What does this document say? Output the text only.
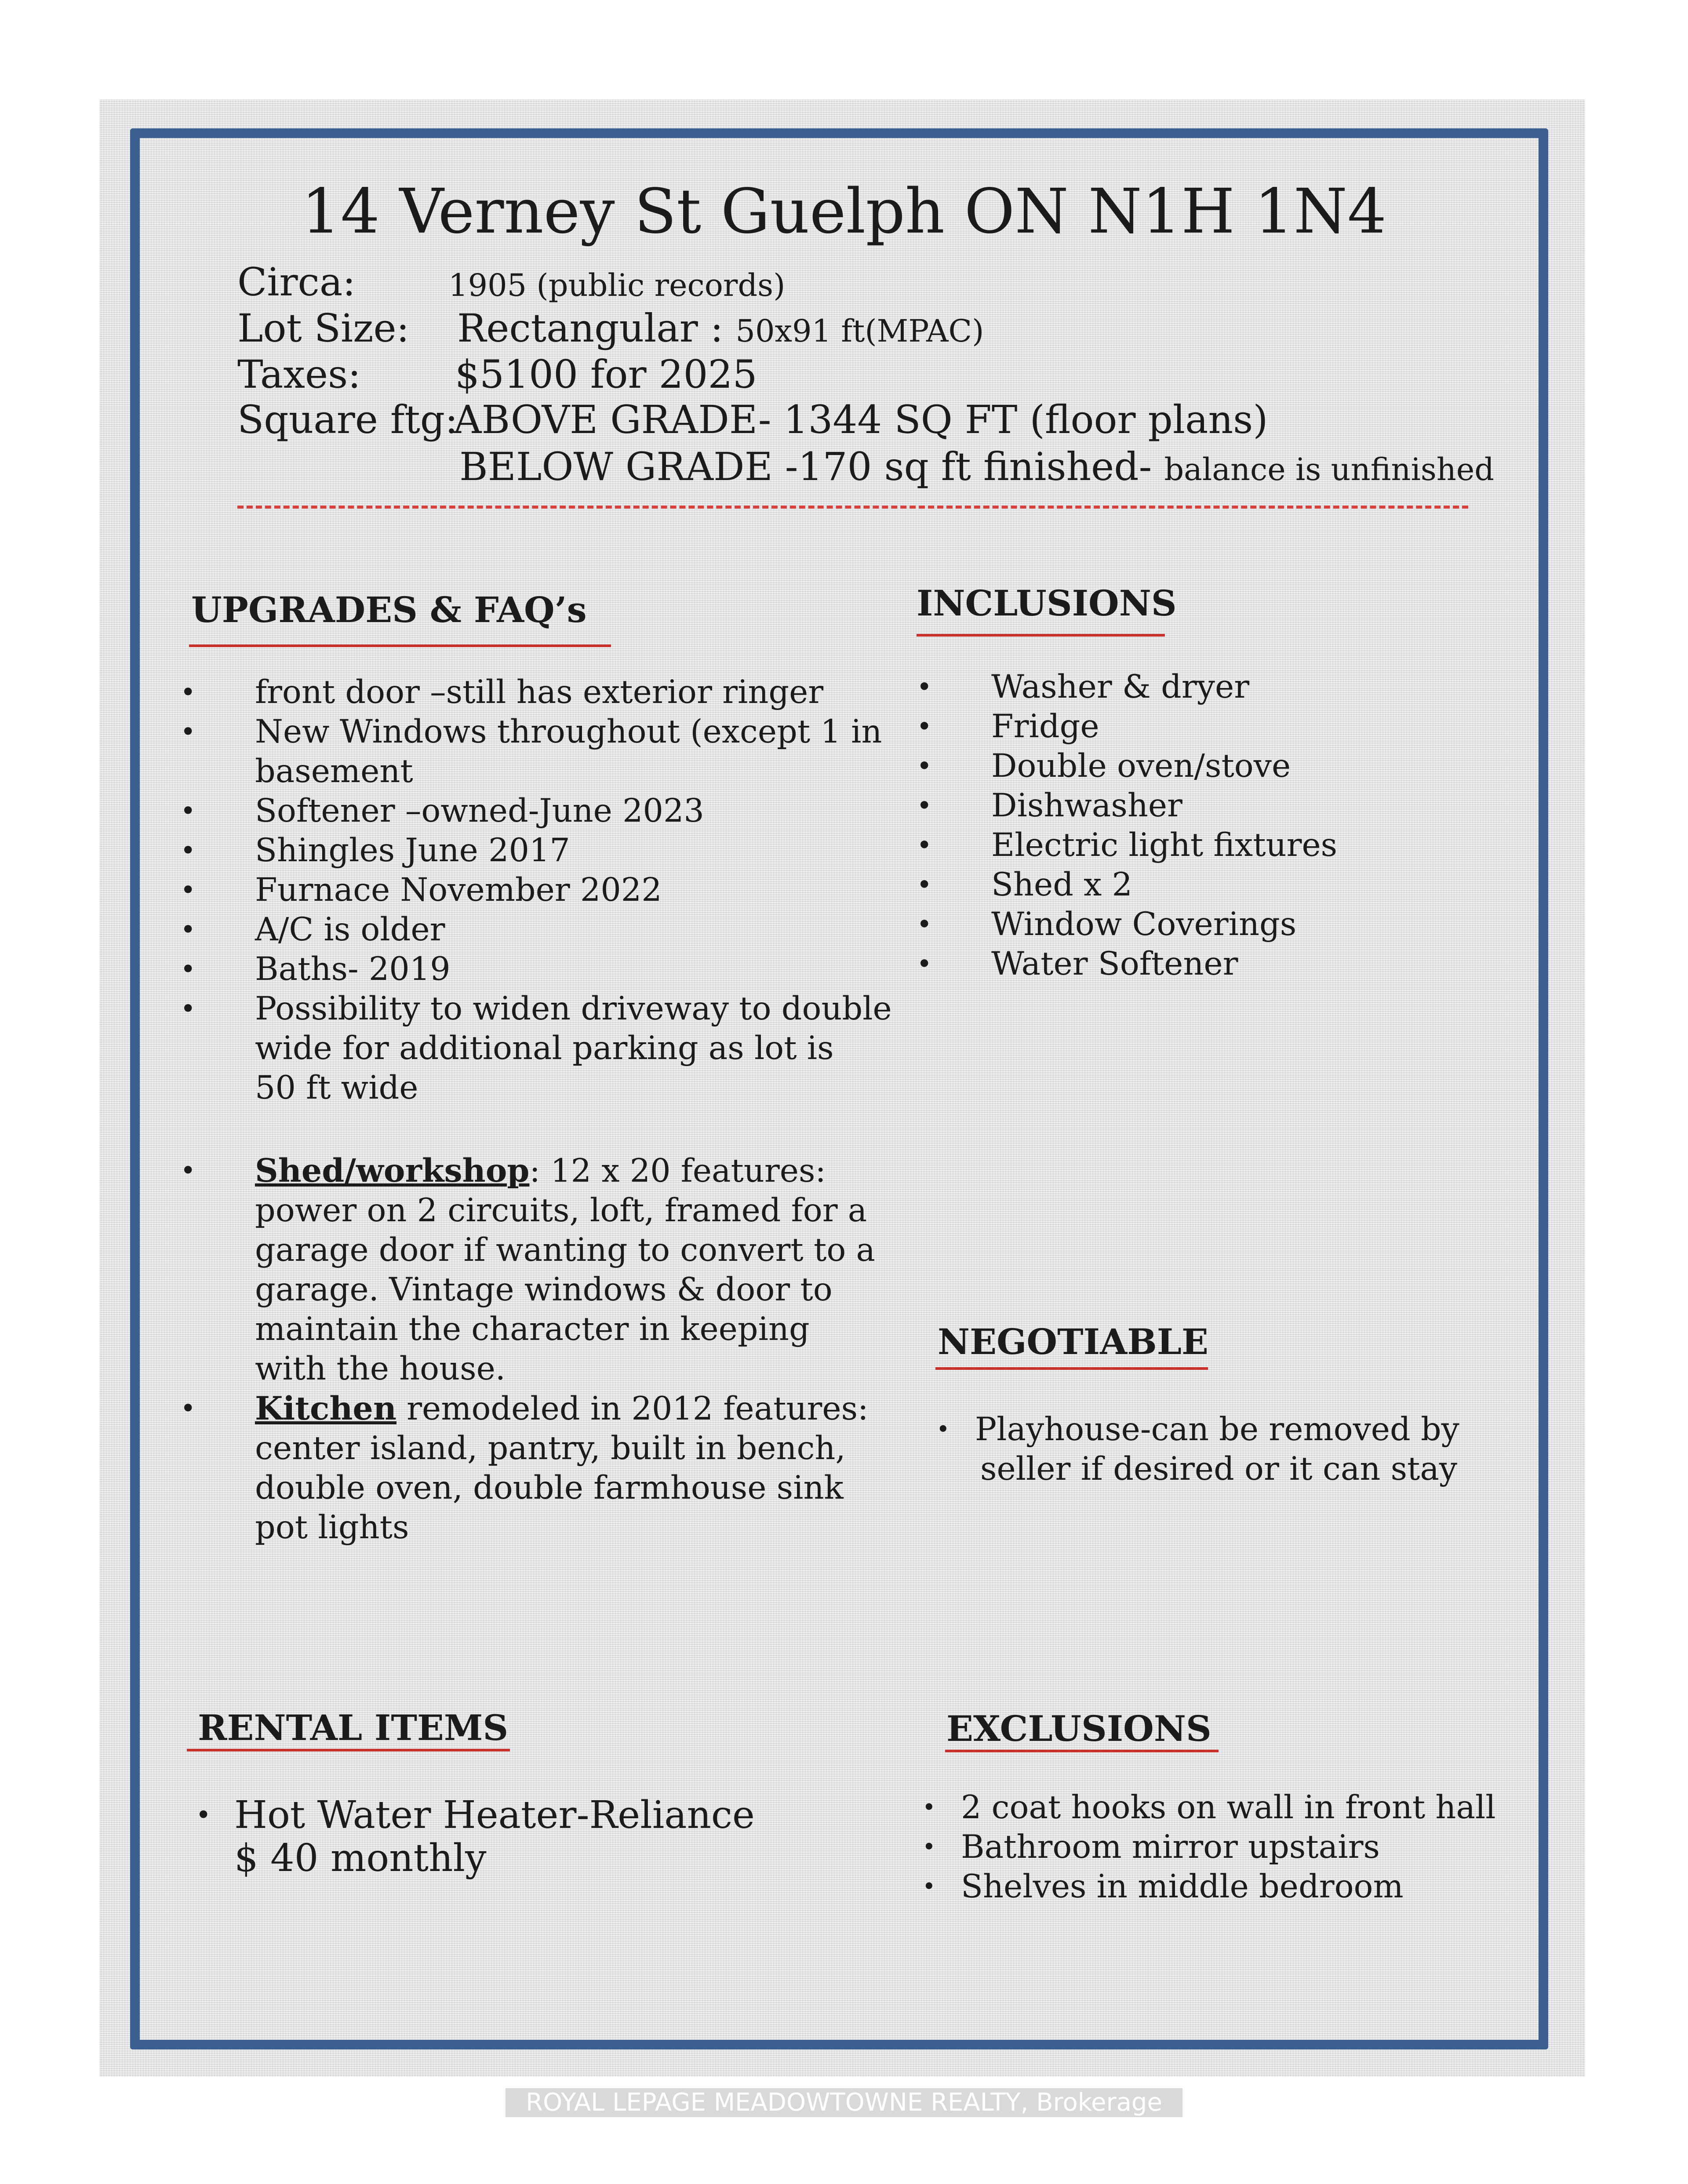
14 Verney St Guelph ON N1H 1N4
Circa:	1905 (public records)
Lot Size: Rectangular : 50x91 ft(MPAC)
Taxes: $5100 for 2025
Square ftg:
ABOVE GRADE- 1344 SQ FT (floor plans)
BELOW GRADE -170 sq ft finished- balance is unfinished
UPGRADES & FAQ’s
• front door –still has exterior ringer
• New Windows throughout (except 1 in
basement
• Softener –owned-June 2023
• Shingles June 2017
• Furnace November 2022
• A/C is older
• Baths- 2019
• Possibility to widen driveway to double
wide for additional parking as lot is
50 ft wide
• Shed/workshop: 12 x 20 features:
power on 2 circuits, loft, framed for a
garage door if wanting to convert to a
garage. Vintage windows & door to
maintain the character in keeping
with the house.
• Kitchen remodeled in 2012 features:
center island, pantry, built in bench,
double oven, double farmhouse sink
pot lights
INCLUSIONS
• Washer & dryer
• Fridge
• Double oven/stove
• Dishwasher
• Electric light fixtures
• Shed x 2
• Window Coverings
• Water Softener
NEGOTIABLE
• Playhouse-can be removed by
seller if desired or it can stay
RENTAL ITEMS
• Hot Water Heater-Reliance
$ 40 monthly
EXCLUSIONS
• 2 coat hooks on wall in front hall
• Bathroom mirror upstairs
• Shelves in middle bedroom
ROYAL LEPAGE MEADOWTOWNE REALTY, Brokerage
